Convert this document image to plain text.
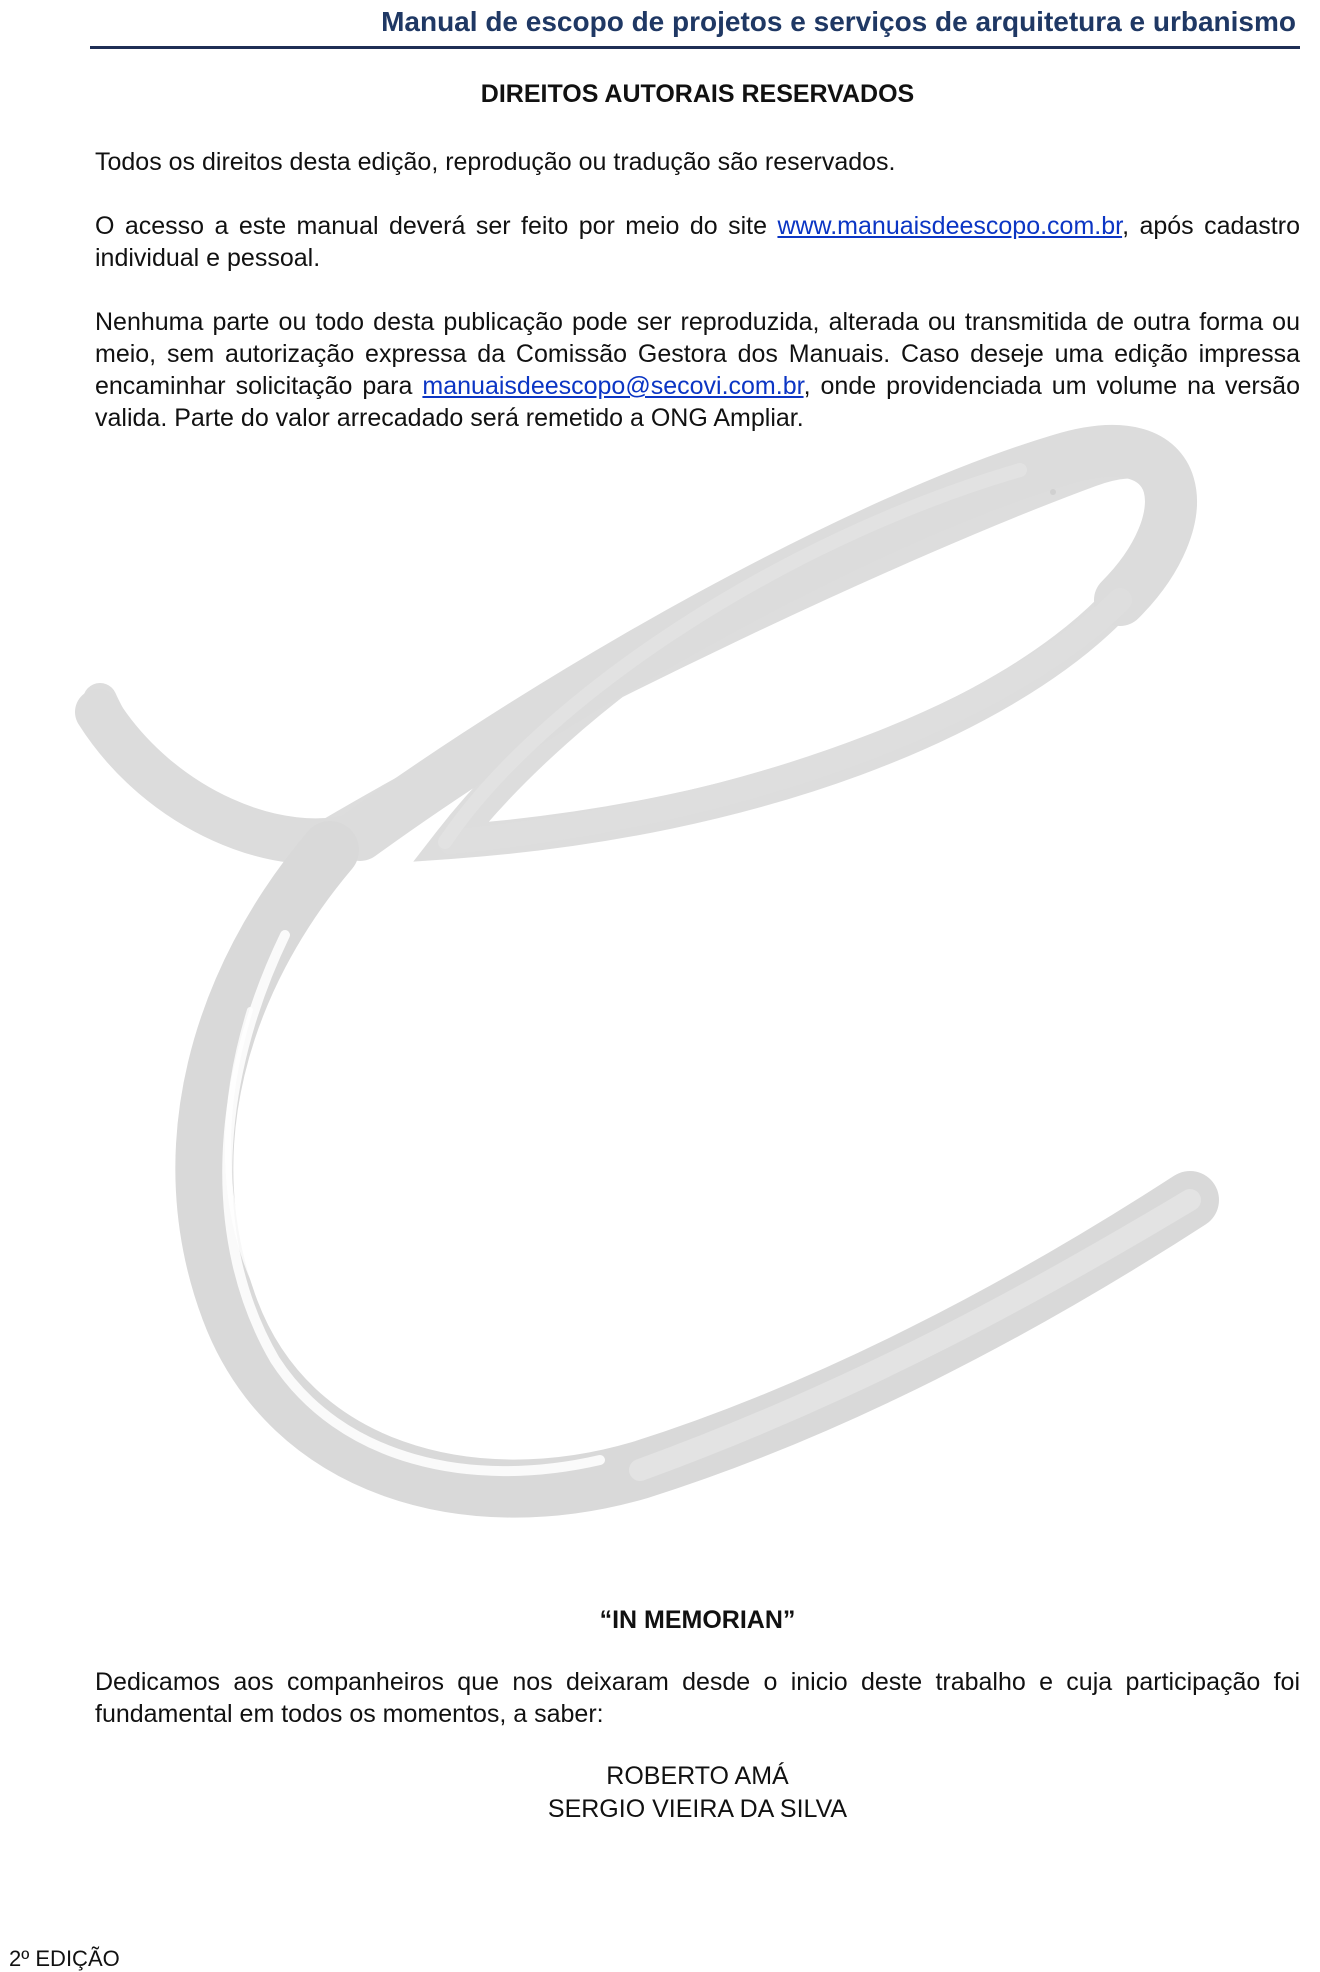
Manual de escopo de projetos e serviços de arquitetura e urbanismo
DIREITOS AUTORAIS RESERVADOS
Todos os direitos desta edição, reprodução ou tradução são reservados.
O acesso a este manual deverá ser feito por meio do site www.manuaisdeescopo.com.br, após cadastro individual e pessoal.
Nenhuma parte ou todo desta publicação pode ser reproduzida, alterada ou transmitida de outra forma ou meio, sem autorização expressa da Comissão Gestora dos Manuais. Caso deseje uma edição impressa encaminhar solicitação para manuaisdeescopo@secovi.com.br, onde providenciada um volume na versão valida. Parte do valor arrecadado será remetido a ONG Ampliar.
“IN MEMORIAN”
Dedicamos aos companheiros que nos deixaram desde o inicio deste trabalho e cuja participação foi fundamental em todos os momentos, a saber:
ROBERTO AMÁ
SERGIO VIEIRA DA SILVA
2º EDIÇÃO
